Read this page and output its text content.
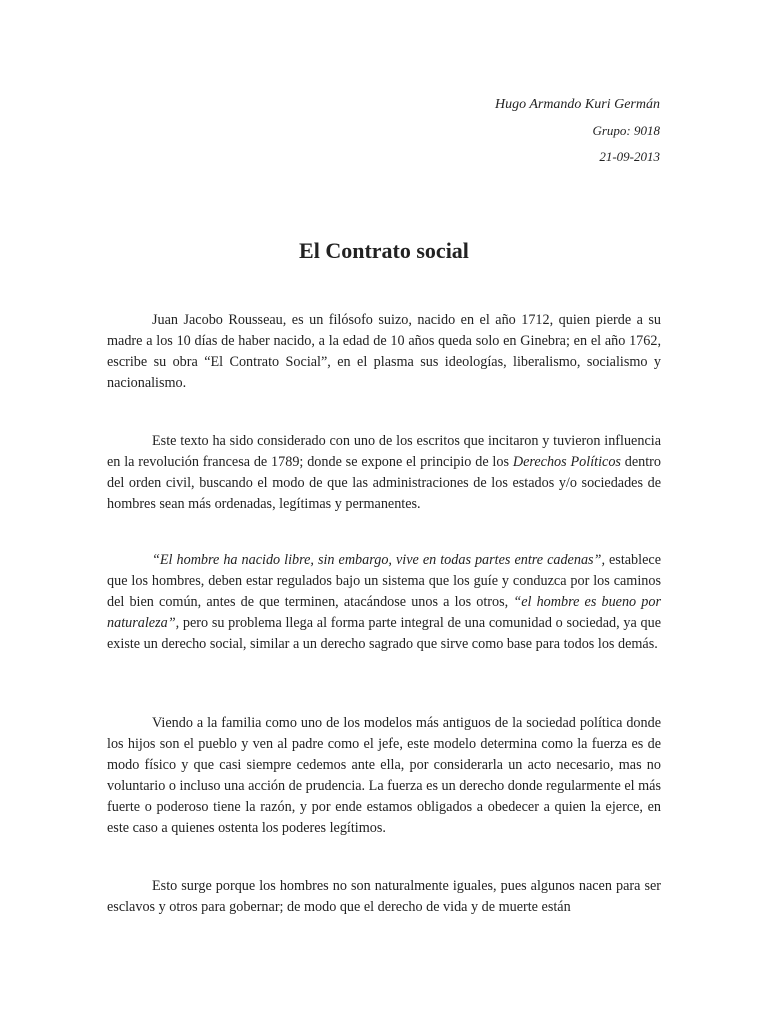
Hugo Armando Kuri Germán
Grupo: 9018
21-09-2013
El Contrato social

Juan Jacobo Rousseau, es un filósofo suizo, nacido en el año 1712, quien pierde a su madre a los 10 días de haber nacido, a la edad de 10 años queda solo en Ginebra; en el año 1762, escribe su obra “El Contrato Social”, en el plasma sus ideologías, liberalismo, socialismo y nacionalismo.

Este texto ha sido considerado con uno de los escritos que incitaron y tuvieron influencia en la revolución francesa de 1789; donde se expone el principio de los Derechos Políticos dentro del orden civil, buscando el modo de que las administraciones de los estados y/o sociedades de hombres sean más ordenadas, legítimas y permanentes.

“El hombre ha nacido libre, sin embargo, vive en todas partes entre cadenas”, establece que los hombres, deben estar regulados bajo un sistema que los guíe y conduzca por los caminos del bien común, antes de que terminen, atacándose unos a los otros, “el hombre es bueno por naturaleza”, pero su problema llega al forma parte integral de una comunidad o sociedad, ya que existe un derecho social, similar a un derecho sagrado que sirve como base para todos los demás.

Viendo a la familia como uno de los modelos más antiguos de la sociedad política donde los hijos son el pueblo y ven al padre como el jefe, este modelo determina como la fuerza es de modo físico y que casi siempre cedemos ante ella, por considerarla un acto necesario, mas no voluntario o incluso una acción de prudencia. La fuerza es un derecho donde regularmente el más fuerte o poderoso tiene la razón, y por ende estamos obligados a obedecer a quien la ejerce, en este caso a quienes ostenta los poderes legítimos.

Esto surge porque los hombres no son naturalmente iguales, pues algunos nacen para ser esclavos y otros para gobernar; de modo que el derecho de vida y de muerte están
